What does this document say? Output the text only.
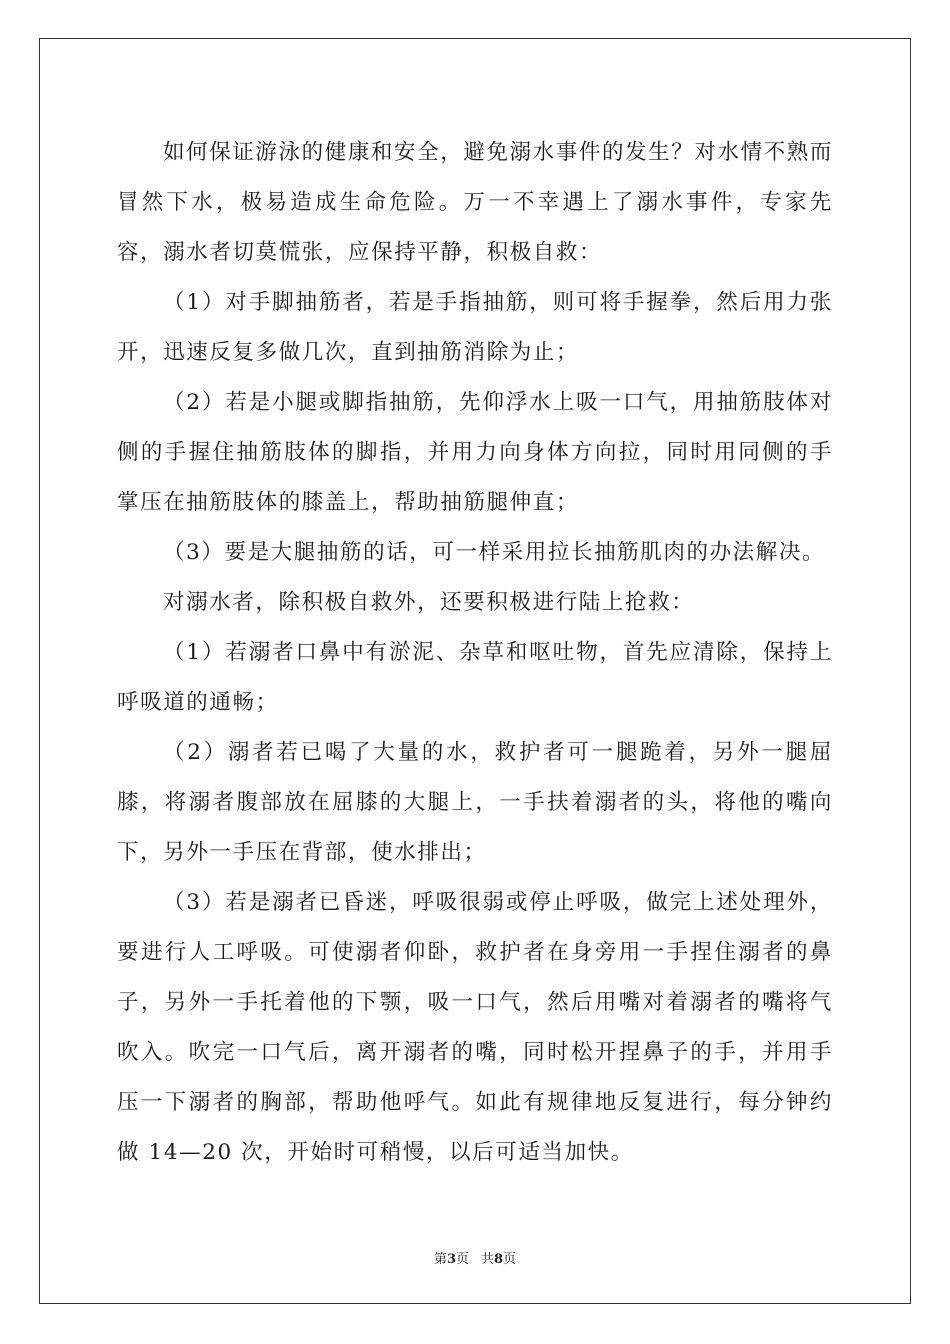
如何保证游泳的健康和安全，避免溺水事件的发生？对水情不熟而冒然下水，极易造成生命危险。万一不幸遇上了溺水事件，专家先容，溺水者切莫慌张，应保持平静，积极自救：

（1）对手脚抽筋者，若是手指抽筋，则可将手握拳，然后用力张开，迅速反复多做几次，直到抽筋消除为止；

（2）若是小腿或脚指抽筋，先仰浮水上吸一口气，用抽筋肢体对侧的手握住抽筋肢体的脚指，并用力向身体方向拉，同时用同侧的手掌压在抽筋肢体的膝盖上，帮助抽筋腿伸直；

（3）要是大腿抽筋的话，可一样采用拉长抽筋肌肉的办法解决。

对溺水者，除积极自救外，还要积极进行陆上抢救：

（1）若溺者口鼻中有淤泥、杂草和呕吐物，首先应清除，保持上呼吸道的通畅；

（2）溺者若已喝了大量的水，救护者可一腿跪着，另外一腿屈膝，将溺者腹部放在屈膝的大腿上，一手扶着溺者的头，将他的嘴向下，另外一手压在背部，使水排出；

（3）若是溺者已昏迷，呼吸很弱或停止呼吸，做完上述处理外，要进行人工呼吸。可使溺者仰卧，救护者在身旁用一手捏住溺者的鼻子，另外一手托着他的下颚，吸一口气，然后用嘴对着溺者的嘴将气吹入。吹完一口气后，离开溺者的嘴，同时松开捏鼻子的手，并用手压一下溺者的胸部，帮助他呼气。如此有规律地反复进行，每分钟约做 14—20 次，开始时可稍慢，以后可适当加快。

第3页 共8页
